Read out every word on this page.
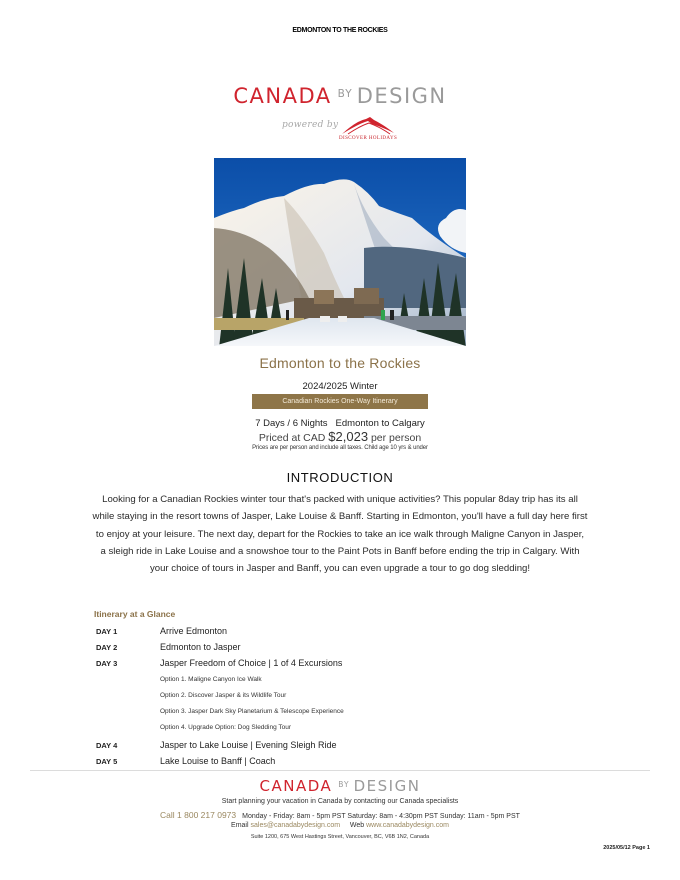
EDMONTON TO THE ROCKIES
CANADA $^{BY}$ DESIGN
powered by
DISCOVER HOLIDAYS
Edmonton to the Rockies
2024/2025 Winter
Canadian Rockies One-Way Itinerary
7 Days / 6 Nights Edmonton to Calgary
Priced at CAD $2,023 per person
Prices are per person and include all taxes. Child age 10 yrs & under
INTRODUCTION
Looking for a Canadian Rockies winter tour that's packed with unique activities? This popular 8day trip has its all while staying in the resort towns of Jasper, Lake Louise & Banff. Starting in Edmonton, you'll have a full day here first to enjoy at your leisure. The next day, depart for the Rockies to take an ice walk through Maligne Canyon in Jasper, a sleigh ride in Lake Louise and a snowshoe tour to the Paint Pots in Banff before ending the trip in Calgary. With your choice of tours in Jasper and Banff, you can even upgrade a tour to go dog sledding!
Itinerary at a Glance
DAY 1	Arrive Edmonton
DAY 2	Edmonton to Jasper
DAY 3	Jasper Freedom of Choice | 1 of 4 Excursions
Option 1. Maligne Canyon Ice Walk
Option 2. Discover Jasper & its Wildlife Tour
Option 3. Jasper Dark Sky Planetarium & Telescope Experience
Option 4. Upgrade Option: Dog Sledding Tour
DAY 4	Jasper to Lake Louise | Evening Sleigh Ride
DAY 5	Lake Louise to Banff | Coach
CANADA $^{BY}$ DESIGN
Start planning your vacation in Canada by contacting our Canada specialists
Call 1 800 217 0973 Monday - Friday: 8am - 5pm PST Saturday: 8am - 4:30pm PST Sunday: 11am - 5pm PST
Email sales@canadabydesign.com Web www.canadabydesign.com
Suite 1200, 675 West Hastings Street, Vancouver, BC, V6B 1N2, Canada
2025/05/12 Page 1
